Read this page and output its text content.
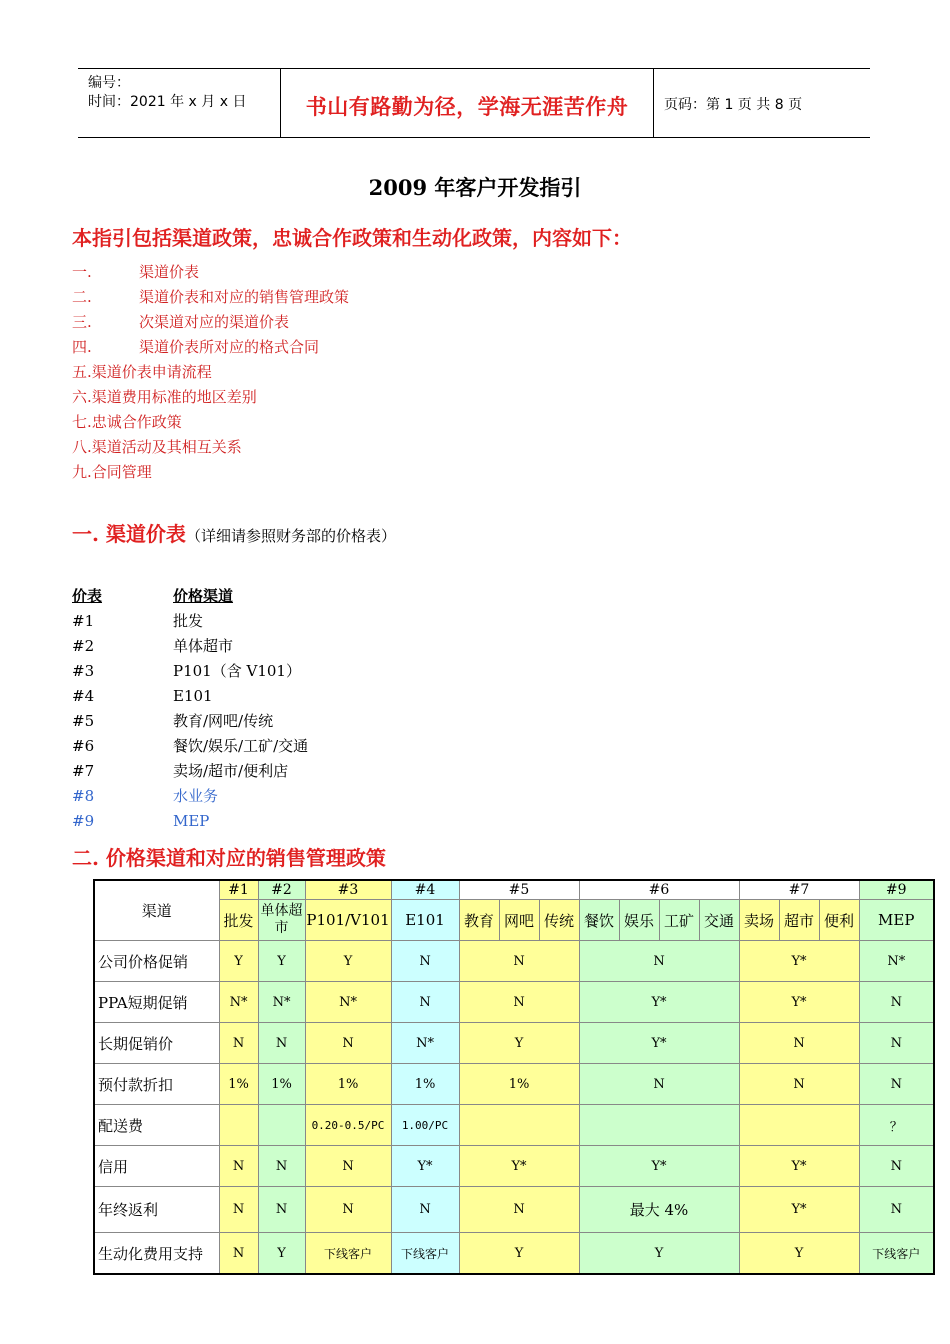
编号：
时间：2021 年 x 月 x 日	书山有路勤为径，学海无涯苦作舟	页码：第 1 页 共 8 页
2009 年客户开发指引
本指引包括渠道政策，忠诚合作政策和生动化政策，内容如下：
一.	渠道价表
二.	渠道价表和对应的销售管理政策
三.	次渠道对应的渠道价表
四.	渠道价表所对应的格式合同
五.渠道价表申请流程
六.渠道费用标准的地区差别
七.忠诚合作政策
八.渠道活动及其相互关系
九.合同管理
一. 渠道价表（详细请参照财务部的价格表）
价表	价格渠道
#1	批发
#2	单体超市
#3	P101（含 V101）
#4	E101
#5	教育/网吧/传统
#6	餐饮/娱乐/工矿/交通
#7	卖场/超市/便利店
#8	水业务
#9	MEP
二. 价格渠道和对应的销售管理政策
渠道	#1	#2	#3	#4	#5			#6				#7			#9
	批发	单体超市	P101/V101	E101	教育	网吧	传统	餐饮	娱乐	工矿	交通	卖场	超市	便利	MEP
公司价格促销	Y	Y	Y	N	N			N				Y*			N*
PPA短期促销	N*	N*	N*	N	N			Y*				Y*			N
长期促销价	N	N	N	N*	Y			Y*				N			N
预付款折扣	1%	1%	1%	1%	1%			N				N			N
配送费			0.20-0.5/PC	1.00/PC											？
信用	N	N	N	Y*	Y*			Y*				Y*			N
年终返利	N	N	N	N	N			最大 4%				Y*			N
生动化费用支持	N	Y	下线客户	下线客户	Y			Y				Y			下线客户
